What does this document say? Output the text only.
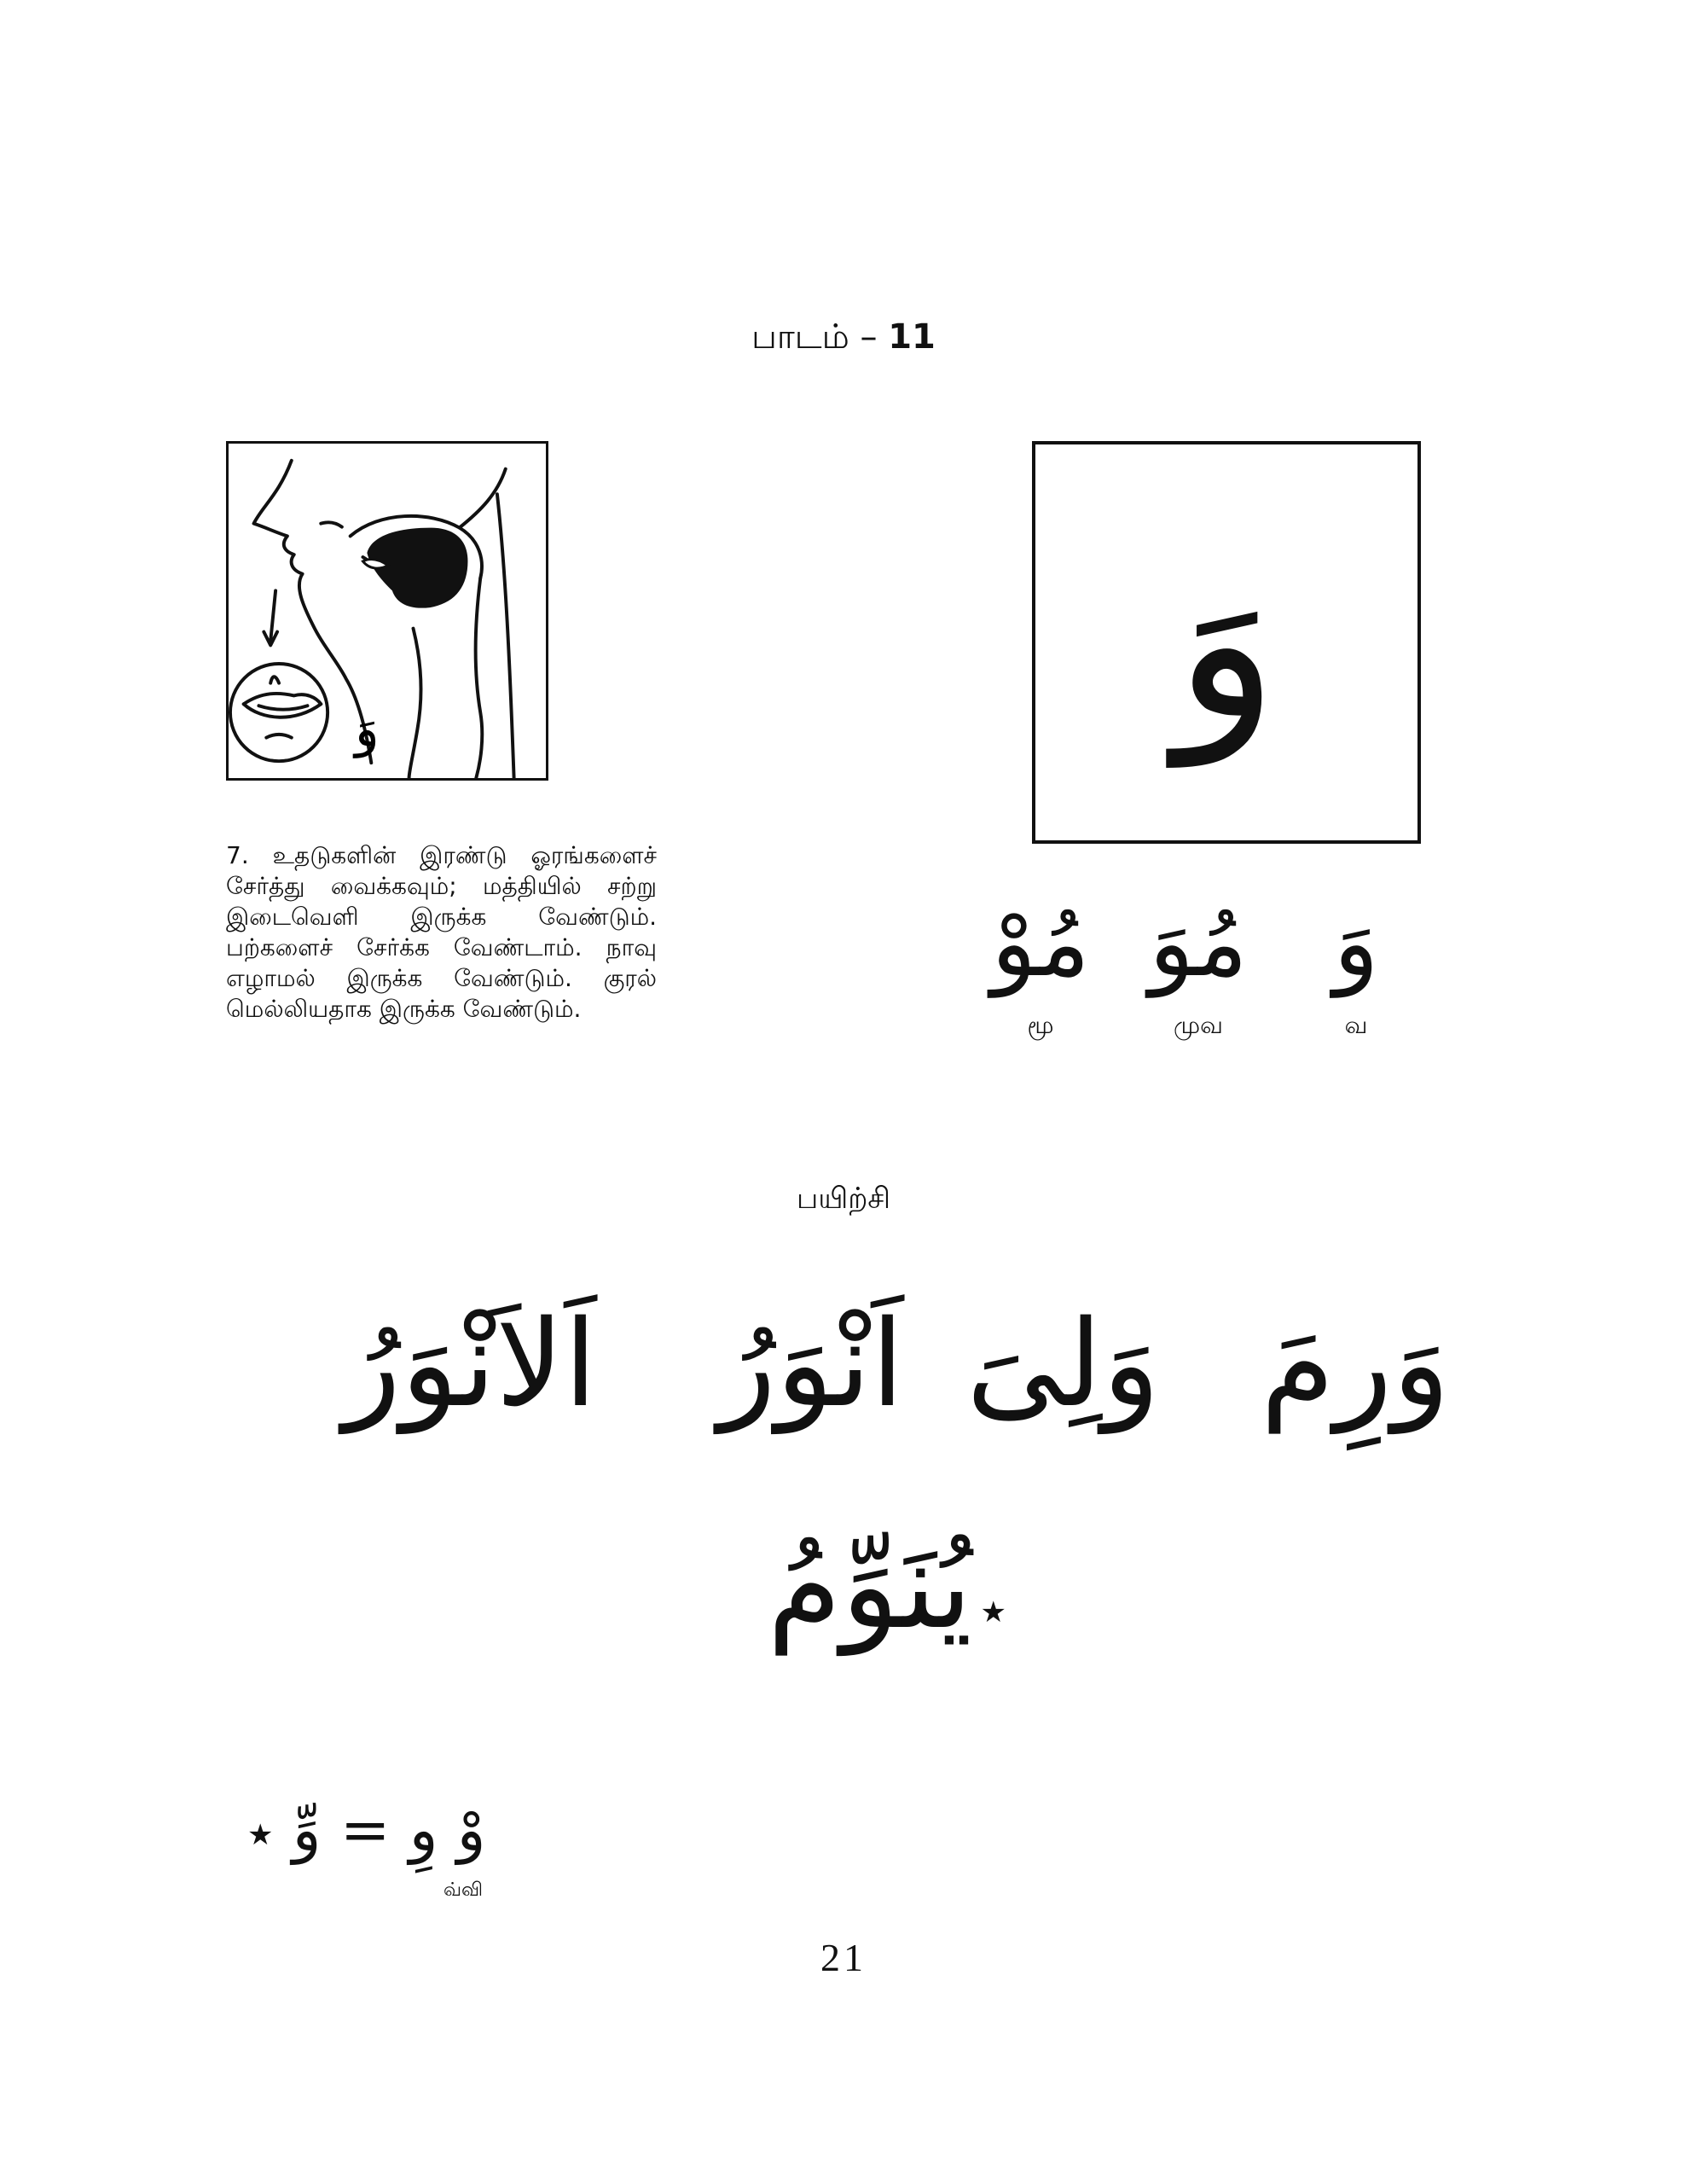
பாடம் – 11
وَ	وَ
7. உதடுகளின் இரண்டு ஓரங்களைச் சேர்த்து வைக்கவும்; மத்தியில் சற்று இடைவெளி இருக்க வேண்டும். பற்களைச் சேர்க்க வேண்டாம். நாவு எழாமல் இருக்க வேண்டும். குரல் மெல்லியதாக இருக்க வேண்டும்.
وَ
வ
مُوَ
முவ
مُوْ
மூ
பயிற்சி
وَرِمَ
وَلِىَ
اَنْوَرُ
اَلاَنْوَرُ
يُنَوِّمُ ★
★ وْ وِ = وِّ
வ்வி
21
